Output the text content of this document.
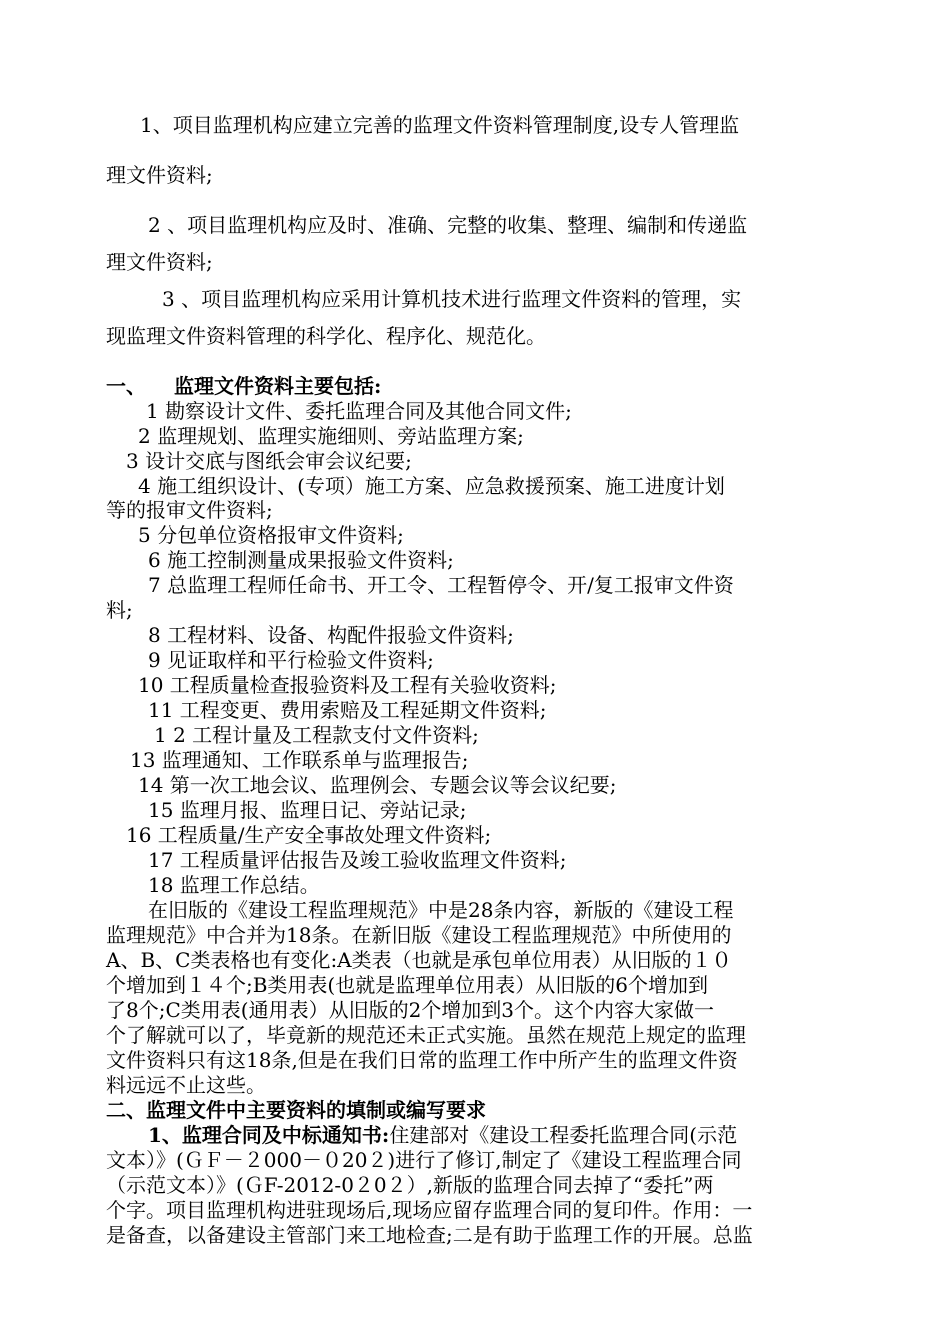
1、项目监理机构应建立完善的监理文件资料管理制度,设专人管理监

理文件资料;

2 、项目监理机构应及时、准确、完整的收集、整理、编制和传递监

理文件资料;

3 、项目监理机构应采用计算机技术进行监理文件资料的管理，实

现监理文件资料管理的科学化、程序化、规范化。

一、 监理文件资料主要包括:

1 勘察设计文件、委托监理合同及其他合同文件;

2 监理规划、监理实施细则、旁站监理方案;

3 设计交底与图纸会审会议纪要;

4 施工组织设计、(专项）施工方案、应急救援预案、施工进度计划

等的报审文件资料;

5 分包单位资格报审文件资料;

6 施工控制测量成果报验文件资料;

7 总监理工程师任命书、开工令、工程暂停令、开/复工报审文件资

料;

8 工程材料、设备、构配件报验文件资料;

9 见证取样和平行检验文件资料;

10 工程质量检查报验资料及工程有关验收资料;

11 工程变更、费用索赔及工程延期文件资料;

1 2 工程计量及工程款支付文件资料;

13 监理通知、工作联系单与监理报告;

14 第一次工地会议、监理例会、专题会议等会议纪要;

15 监理月报、监理日记、旁站记录;

16 工程质量/生产安全事故处理文件资料;

17 工程质量评估报告及竣工验收监理文件资料;

18 监理工作总结。

在旧版的《建设工程监理规范》中是28条内容，新版的《建设工程

监理规范》中合并为18条。在新旧版《建设工程监理规范》中所使用的

A、B、C类表格也有变化:A类表（也就是承包单位用表）从旧版的１０

个增加到１４个;B类用表(也就是监理单位用表）从旧版的6个增加到

了8个;C类用表(通用表）从旧版的2个增加到3个。这个内容大家做一

个了解就可以了，毕竟新的规范还未正式实施。虽然在规范上规定的监理

文件资料只有这18条,但是在我们日常的监理工作中所产生的监理文件资

料远远不止这些。

二、监理文件中主要资料的填制或编写要求

1、监理合同及中标通知书:住建部对《建设工程委托监理合同(示范

文本）》(ＧＦ－２000－０20２)进行了修订,制定了《建设工程监理合同

（示范文本）》(ＧF-2012-0２0２）,新版的监理合同去掉了“委托”两

个字。项目监理机构进驻现场后,现场应留存监理合同的复印件。作用：一

是备查，以备建设主管部门来工地检查;二是有助于监理工作的开展。总监
